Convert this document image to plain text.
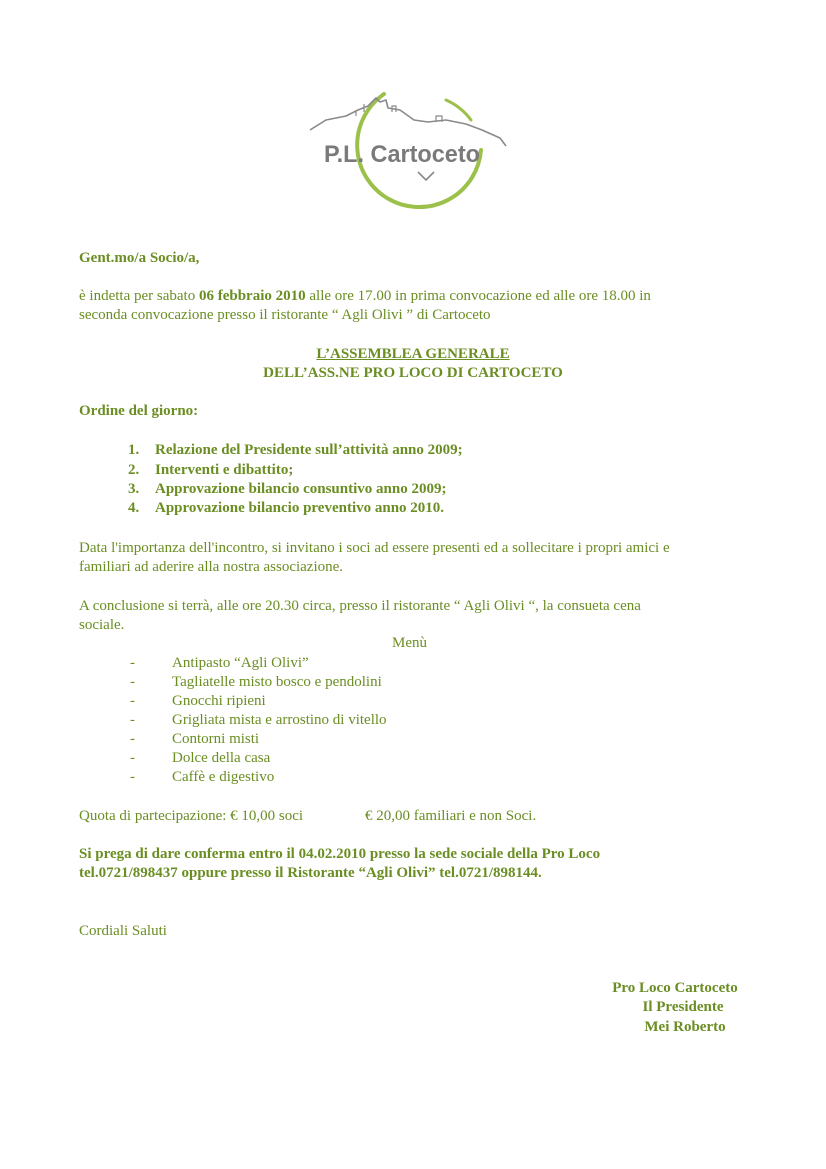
P.L. Cartoceto
Gent.mo/a Socio/a,
è indetta per sabato 06 febbraio 2010 alle ore 17.00 in prima convocazione ed alle ore 18.00 in
seconda convocazione presso il ristorante “ Agli Olivi ” di Cartoceto
L’ASSEMBLEA GENERALE
DELL’ASS.NE PRO LOCO DI CARTOCETO
Ordine del giorno:
1.	Relazione del Presidente sull’attività anno 2009;
2.	Interventi e dibattito;
3.	Approvazione bilancio consuntivo anno 2009;
4.	Approvazione bilancio preventivo anno 2010.
Data l'importanza dell'incontro, si invitano i soci ad essere presenti ed a sollecitare i propri amici e
familiari ad aderire alla nostra associazione.
A conclusione si terrà, alle ore 20.30 circa, presso il ristorante “ Agli Olivi “, la consueta cena
sociale.
Menù
- Antipasto “Agli Olivi”
- Tagliatelle misto bosco e pendolini
- Gnocchi ripieni
- Grigliata mista e arrostino di vitello
- Contorni misti
- Dolce della casa
- Caffè e digestivo
Quota di partecipazione: € 10,00 soci	€ 20,00 familiari e non Soci.
Si prega di dare conferma entro il 04.02.2010 presso la sede sociale della Pro Loco
tel.0721/898437 oppure presso il Ristorante “Agli Olivi” tel.0721/898144.
Cordiali Saluti
Pro Loco Cartoceto
Il Presidente
Mei Roberto
